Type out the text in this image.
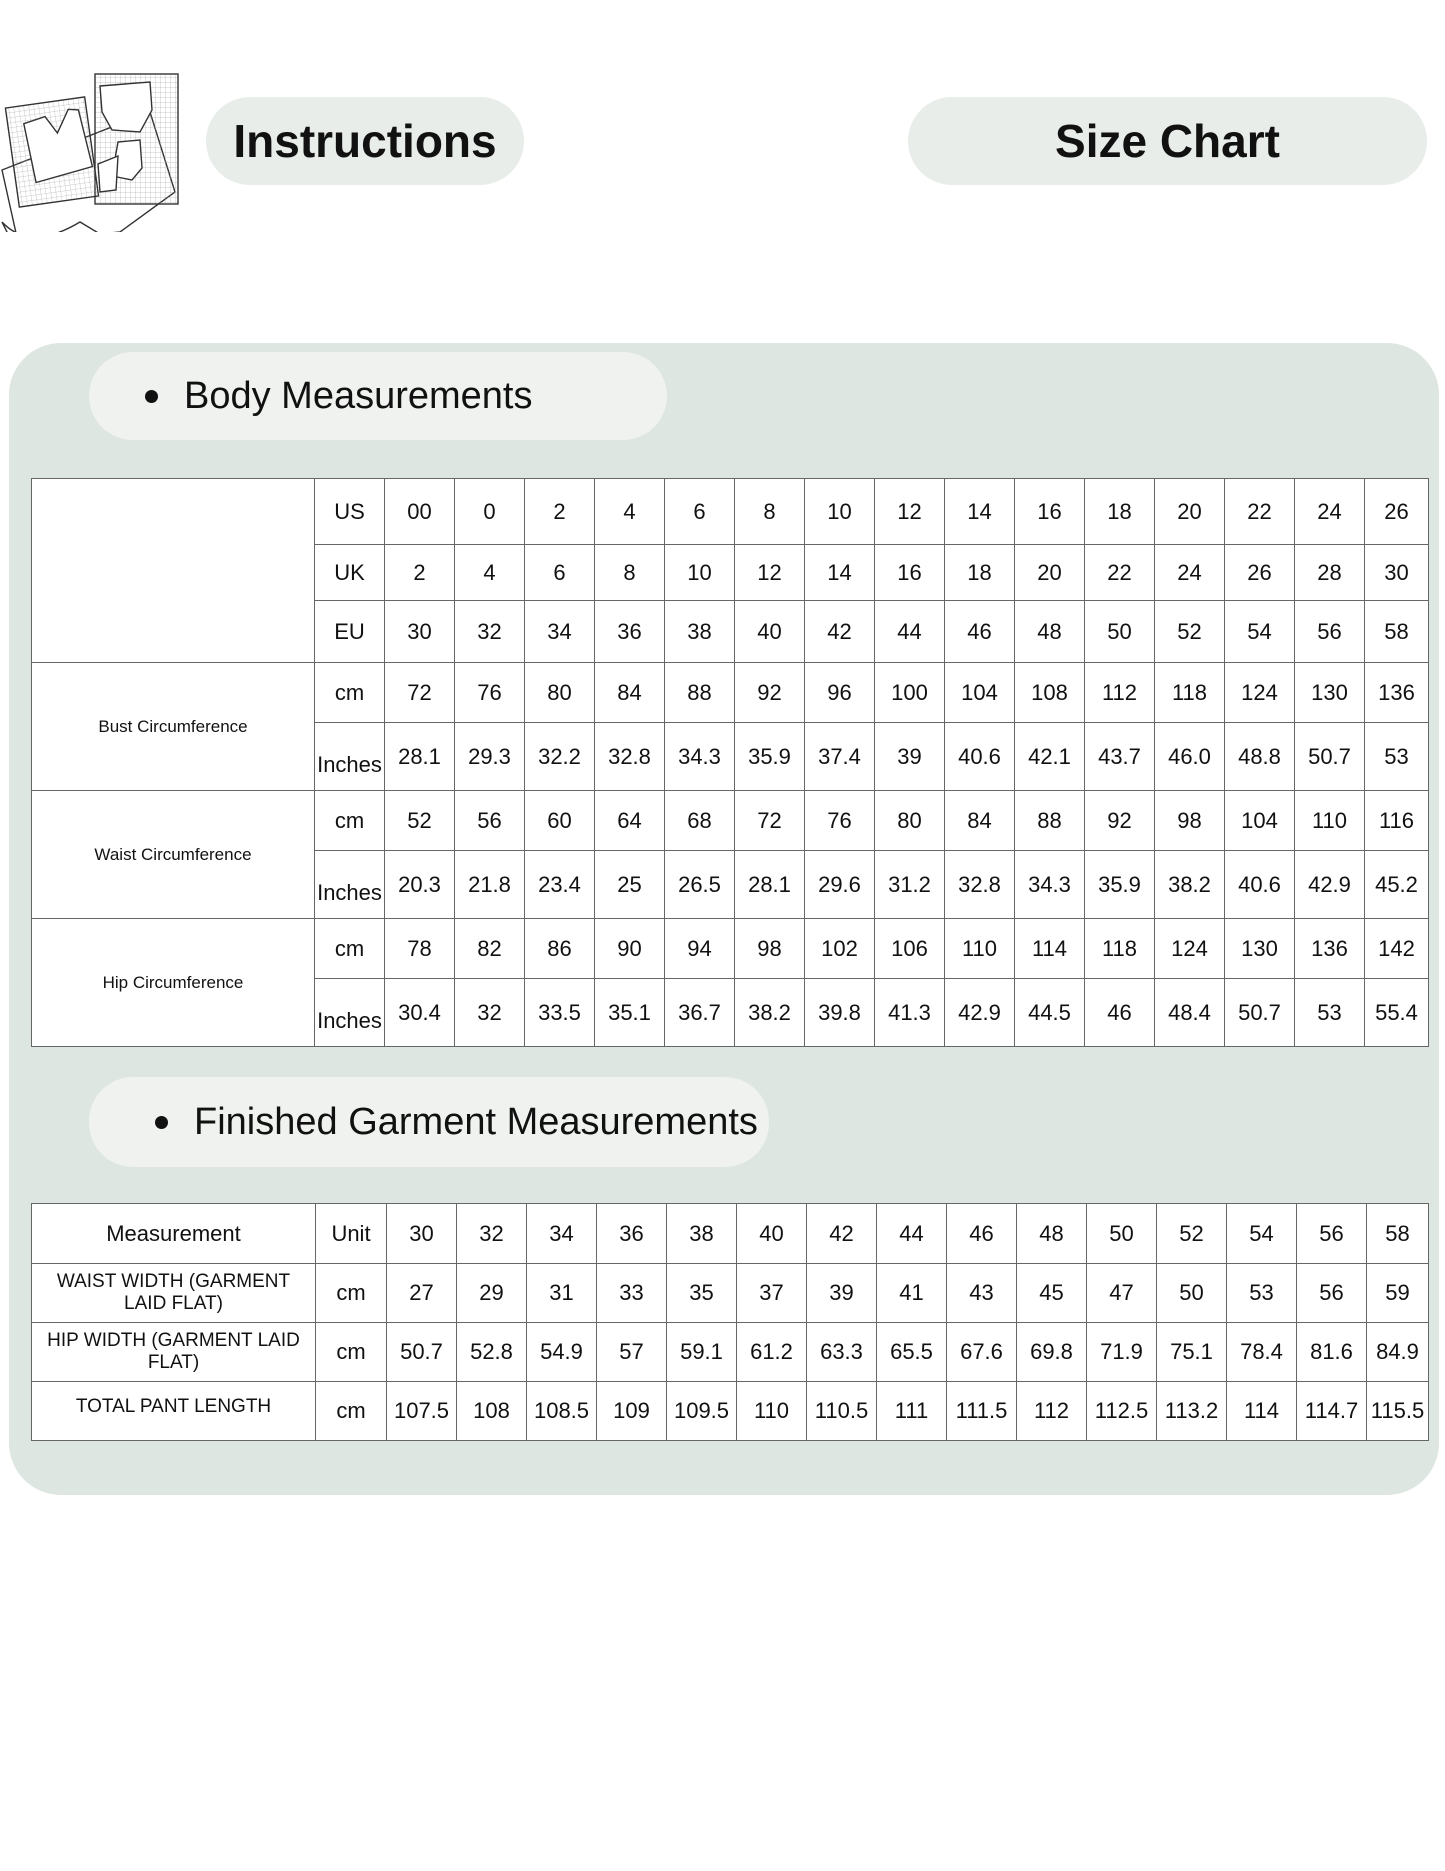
Instructions	Size Chart
Body Measurements
	US	00	0	2	4	6	8	10	12	14	16	18	20	22	24	26
	UK	2	4	6	8	10	12	14	16	18	20	22	24	26	28	30
	EU	30	32	34	36	38	40	42	44	46	48	50	52	54	56	58
Bust Circumference	cm	72	76	80	84	88	92	96	100	104	108	112	118	124	130	136
	Inches	28.1	29.3	32.2	32.8	34.3	35.9	37.4	39	40.6	42.1	43.7	46.0	48.8	50.7	53
Waist Circumference	cm	52	56	60	64	68	72	76	80	84	88	92	98	104	110	116
	Inches	20.3	21.8	23.4	25	26.5	28.1	29.6	31.2	32.8	34.3	35.9	38.2	40.6	42.9	45.2
Hip Circumference	cm	78	82	86	90	94	98	102	106	110	114	118	124	130	136	142
	Inches	30.4	32	33.5	35.1	36.7	38.2	39.8	41.3	42.9	44.5	46	48.4	50.7	53	55.4
Finished Garment Measurements
Measurement	Unit	30	32	34	36	38	40	42	44	46	48	50	52	54	56	58
WAIST WIDTH (GARMENT LAID FLAT)	cm	27	29	31	33	35	37	39	41	43	45	47	50	53	56	59
HIP WIDTH (GARMENT LAID FLAT)	cm	50.7	52.8	54.9	57	59.1	61.2	63.3	65.5	67.6	69.8	71.9	75.1	78.4	81.6	84.9
TOTAL PANT LENGTH	cm	107.5	108	108.5	109	109.5	110	110.5	111	111.5	112	112.5	113.2	114	114.7	115.5
